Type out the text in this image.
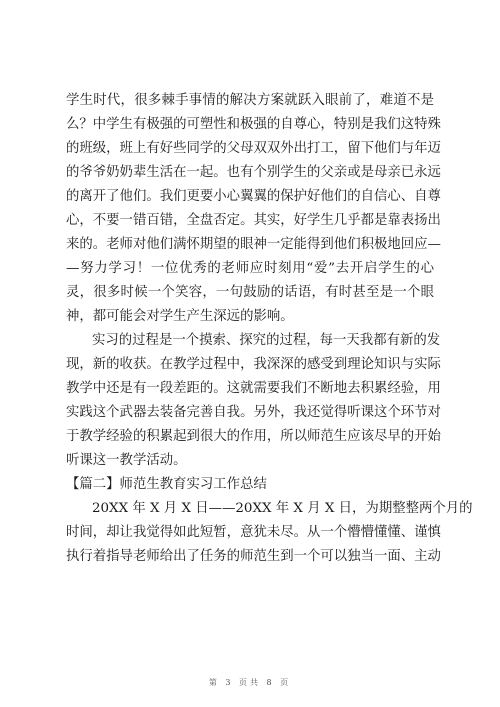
学生时代，很多棘手事情的解决方案就跃入眼前了，难道不是
么？中学生有极强的可塑性和极强的自尊心，特别是我们这特殊
的班级，班上有好些同学的父母双双外出打工，留下他们与年迈
的爷爷奶奶辈生活在一起。也有个别学生的父亲或是母亲已永远
的离开了他们。我们更要小心翼翼的保护好他们的自信心、自尊
心，不要一错百错，全盘否定。其实，好学生几乎都是靠表扬出
来的。老师对他们满怀期望的眼神一定能得到他们积极地回应—
—努力学习！一位优秀的老师应时刻用“爱”去开启学生的心
灵，很多时候一个笑容，一句鼓励的话语，有时甚至是一个眼
神，都可能会对学生产生深远的影响。
实习的过程是一个摸索、探究的过程，每一天我都有新的发
现，新的收获。在教学过程中，我深深的感受到理论知识与实际
教学中还是有一段差距的。这就需要我们不断地去积累经验，用
实践这个武器去装备完善自我。另外，我还觉得听课这个环节对
于教学经验的积累起到很大的作用，所以师范生应该尽早的开始
听课这一教学活动。
【篇二】师范生教育实习工作总结
20XX 年 X 月 X 日——20XX 年 X 月 X 日，为期整整两个月的
时间，却让我觉得如此短暂，意犹未尽。从一个懵懵懂懂、谨慎
执行着指导老师给出了任务的师范生到一个可以独当一面、主动
第 3 页共 8 页
